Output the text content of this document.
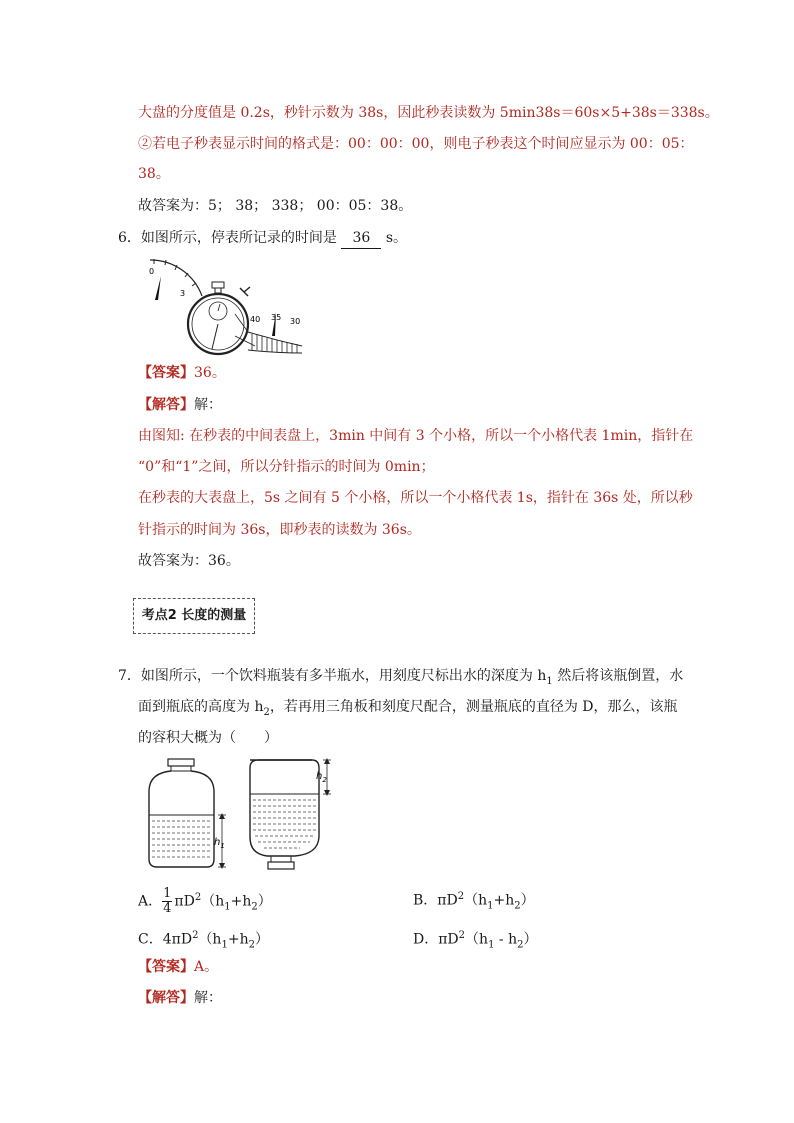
大盘的分度值是 0.2s，秒针示数为 38s，因此秒表读数为 5min38s＝60s×5+38s＝338s。
②若电子秒表显示时间的格式是：00：00：00，则电子秒表这个时间应显示为 00：05：
38。
故答案为：5； 38； 338； 00：05：38。
6．如图所示，停表所记录的时间是 36 s。
0
3
40 35 30
【答案】36。
【解答】解：
由图知: 在秒表的中间表盘上，3min 中间有 3 个小格，所以一个小格代表 1min，指针在
“0”和“1”之间，所以分针指示的时间为 0min；
在秒表的大表盘上，5s 之间有 5 个小格，所以一个小格代表 1s，指针在 36s 处，所以秒
针指示的时间为 36s，即秒表的读数为 36s。
故答案为：36。
考点2 长度的测量
7．如图所示，一个饮料瓶装有多半瓶水，用刻度尺标出水的深度为 $h_1$ 然后将该瓶倒置，水
面到瓶底的高度为 $h_2$，若再用三角板和刻度尺配合，测量瓶底的直径为 D，那么，该瓶
的容积大概为（　　）
$h_1$
$h_2$
A． $\frac{1}{4} \pi D^2(h_1+h_2)$	B．$\pi D^2(h_1+h_2)$
C．$4\pi D^2(h_1+h_2)$	D．$\pi D^2(h_1 - h_2)$
【答案】A。
【解答】解：
